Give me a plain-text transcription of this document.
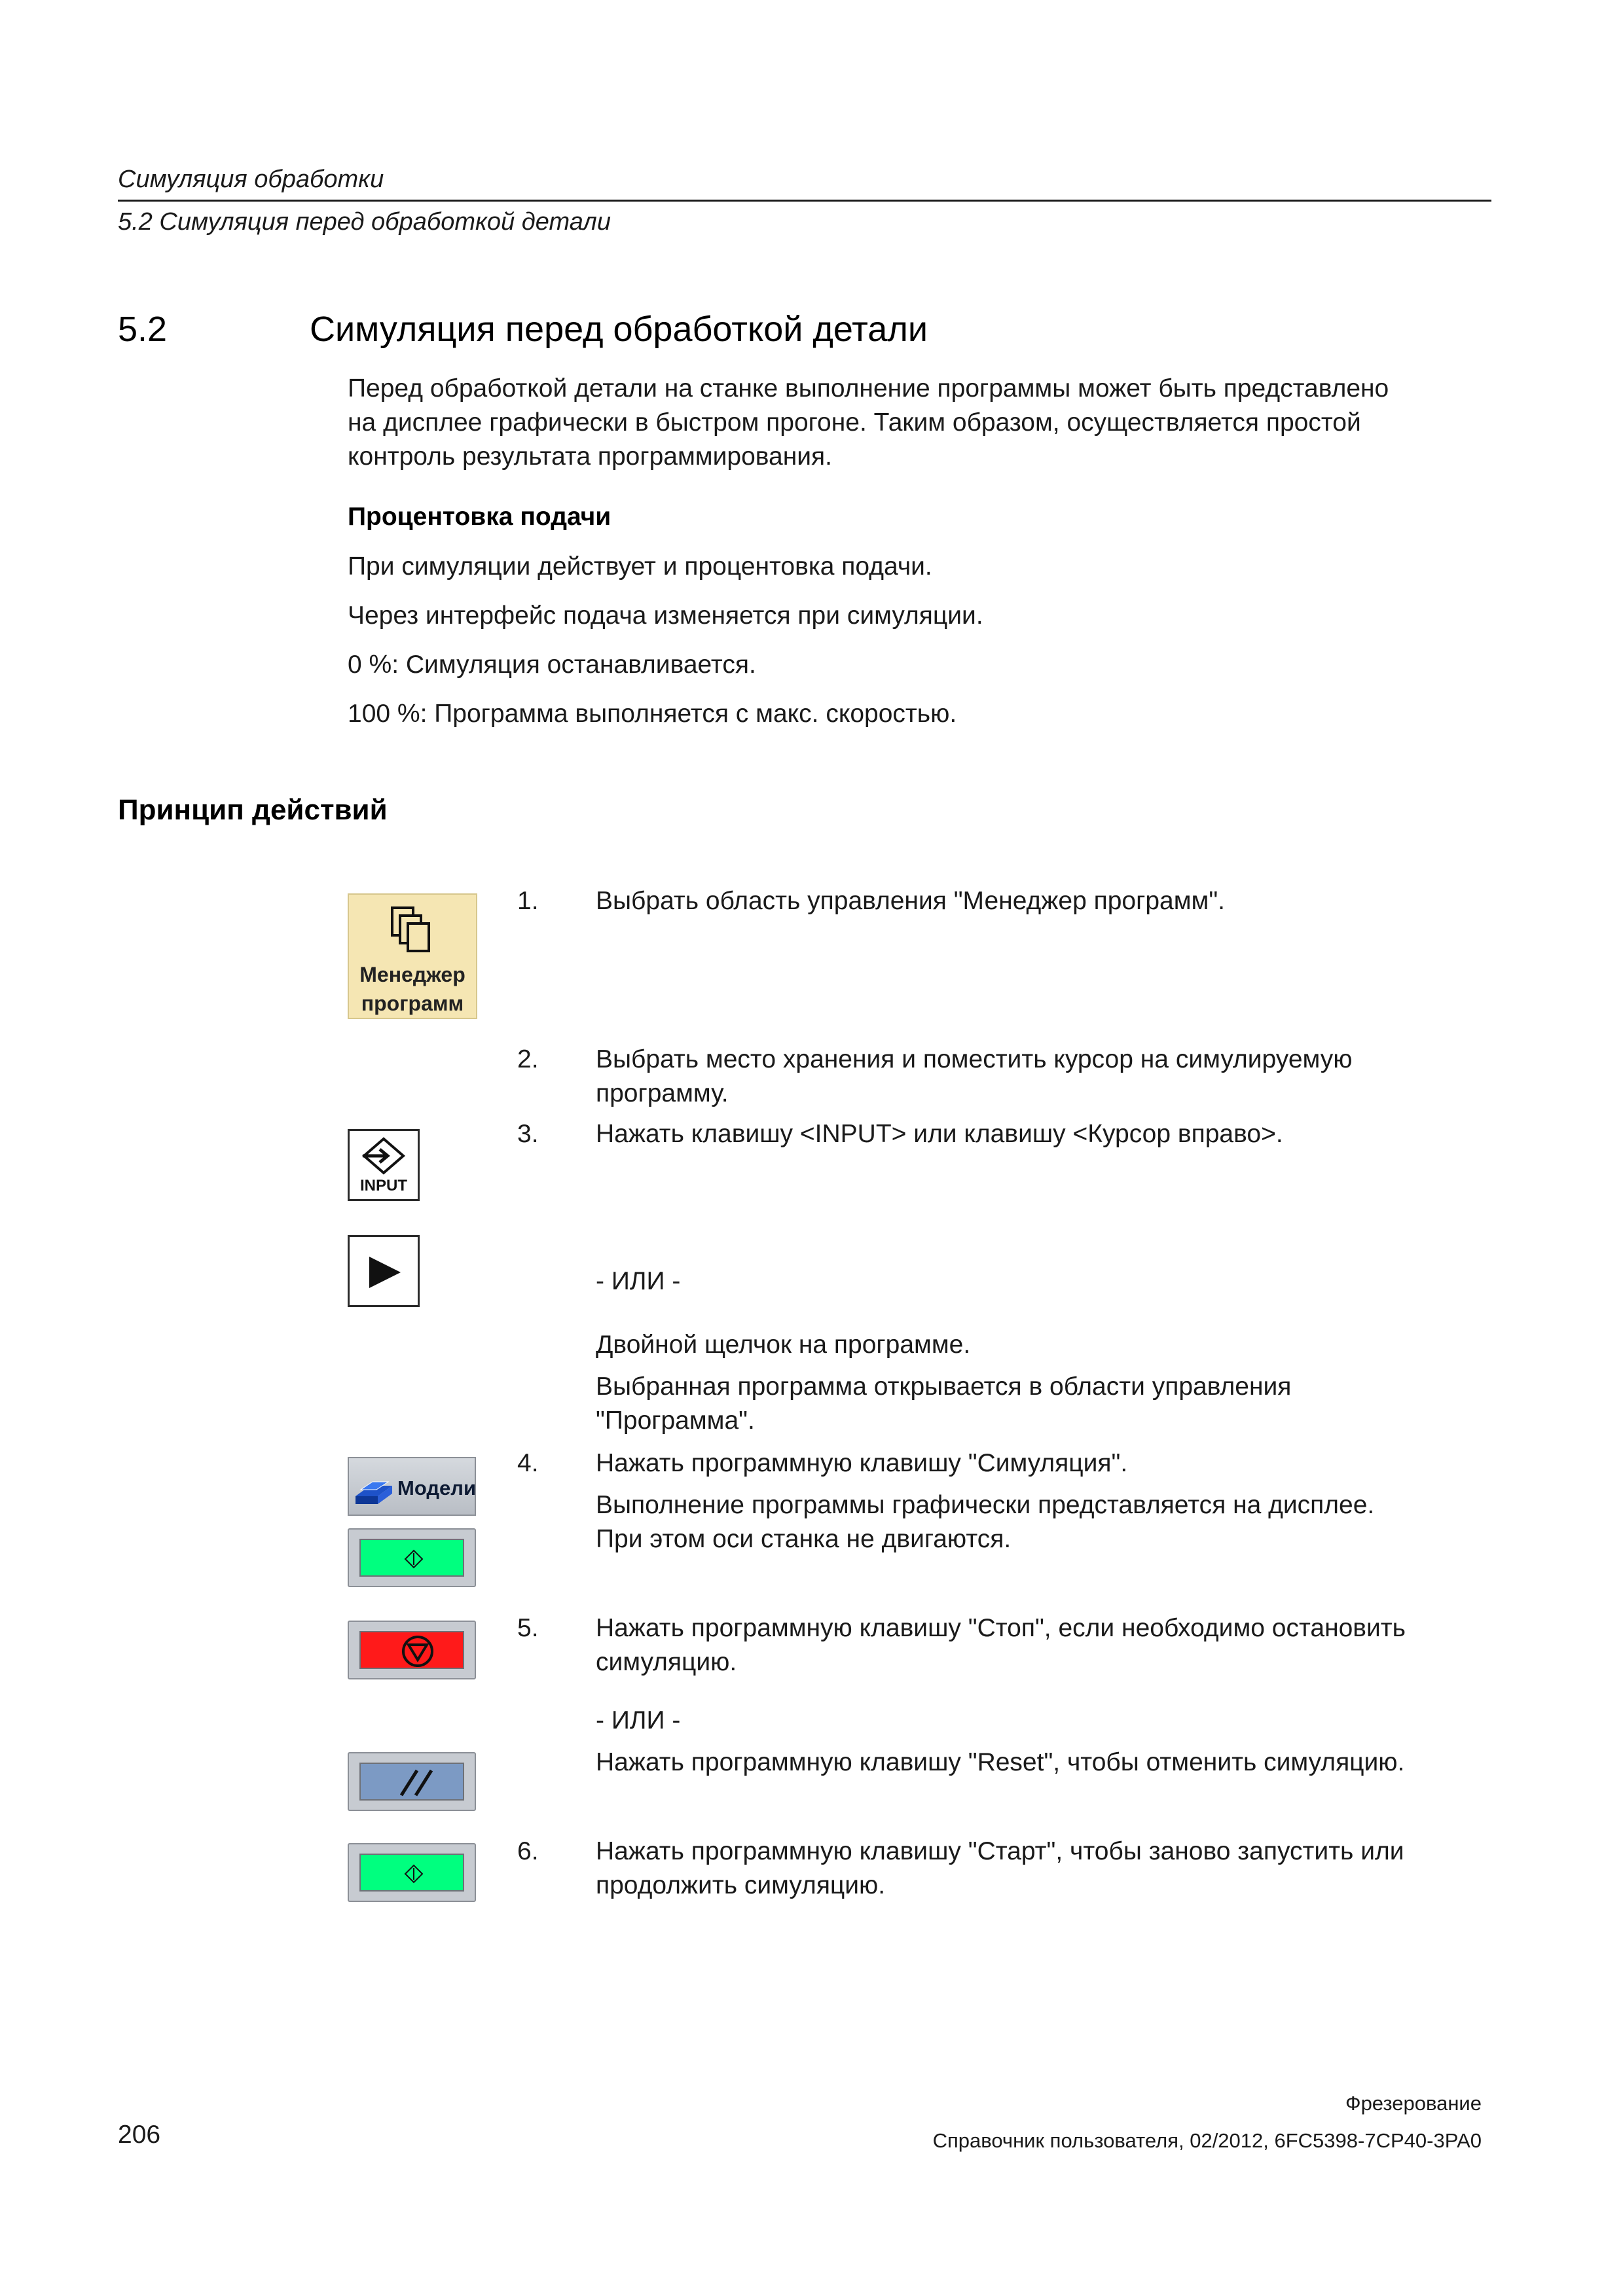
Симуляция обработки
5.2 Симуляция перед обработкой детали
5.2	Симуляция перед обработкой детали
Перед обработкой детали на станке выполнение программы может быть представлено
на дисплее графически в быстром прогоне. Таким образом, осуществляется простой
контроль результата программирования.
Процентовка подачи
При симуляции действует и процентовка подачи.
Через интерфейс подача изменяется при симуляции.
0 %: Симуляция останавливается.
100 %: Программа выполняется с макс. скоростью.
Принцип действий
Менеджер
программ
INPUT
Модели
1. Выбрать область управления "Менеджер программ".
2. Выбрать место хранения и поместить курсор на симулируемую
программу.
3. Нажать клавишу <INPUT> или клавишу <Курсор вправо>.
- ИЛИ -
Двойной щелчок на программе.
Выбранная программа открывается в области управления
"Программа".
4. Нажать программную клавишу "Симуляция".
Выполнение программы графически представляется на дисплее.
При этом оси станка не двигаются.
5. Нажать программную клавишу "Стоп", если необходимо остановить
симуляцию.
- ИЛИ -
Нажать программную клавишу "Reset", чтобы отменить симуляцию.
6. Нажать программную клавишу "Старт", чтобы заново запустить или
продолжить симуляцию.
Фрезерование
206	Справочник пользователя, 02/2012, 6FC5398-7CP40-3PA0
